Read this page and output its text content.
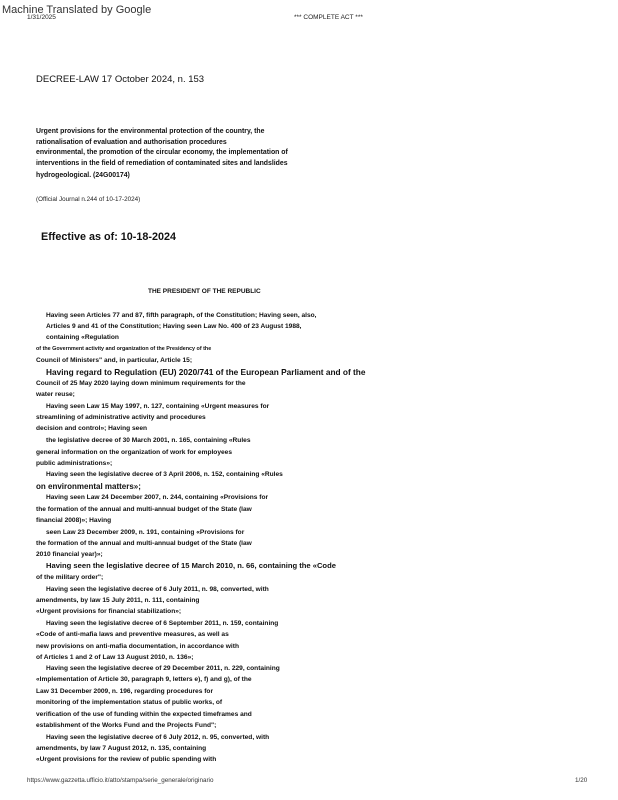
Machine Translated by Google
1/31/2025	*** COMPLETE ACT ***
DECREE-LAW 17 October 2024, n. 153
Urgent provisions for the environmental protection of the country, the
rationalisation of evaluation and authorisation procedures
environmental, the promotion of the circular economy, the implementation of
interventions in the field of remediation of contaminated sites and landslides
hydrogeological. (24G00174)
(Official Journal n.244 of 10-17-2024)
Effective as of: 10-18-2024
THE PRESIDENT OF THE REPUBLIC
Having seen Articles 77 and 87, fifth paragraph, of the Constitution; Having seen, also,
Articles 9 and 41 of the Constitution; Having seen Law No. 400 of 23 August 1988,
containing «Regulation
of the Government activity and organization of the Presidency of the
Council of Ministers" and, in particular, Article 15;
Having regard to Regulation (EU) 2020/741 of the European Parliament and of the
Council of 25 May 2020 laying down minimum requirements for the
water reuse;
Having seen Law 15 May 1997, n. 127, containing «Urgent measures for
streamlining of administrative activity and procedures
decision and control»; Having seen
the legislative decree of 30 March 2001, n. 165, containing «Rules
general information on the organization of work for employees
public administrations»;
Having seen the legislative decree of 3 April 2006, n. 152, containing «Rules
on environmental matters»;
Having seen Law 24 December 2007, n. 244, containing «Provisions for
the formation of the annual and multi-annual budget of the State (law
financial 2008)»; Having
seen Law 23 December 2009, n. 191, containing «Provisions for
the formation of the annual and multi-annual budget of the State (law
2010 financial year)»;
Having seen the legislative decree of 15 March 2010, n. 66, containing the «Code
of the military order";
Having seen the legislative decree of 6 July 2011, n. 98, converted, with
amendments, by law 15 July 2011, n. 111, containing
«Urgent provisions for financial stabilization»;
Having seen the legislative decree of 6 September 2011, n. 159, containing
«Code of anti-mafia laws and preventive measures, as well as
new provisions on anti-mafia documentation, in accordance with
of Articles 1 and 2 of Law 13 August 2010, n. 136»;
Having seen the legislative decree of 29 December 2011, n. 229, containing
«Implementation of Article 30, paragraph 9, letters e), f) and g), of the
Law 31 December 2009, n. 196, regarding procedures for
monitoring of the implementation status of public works, of
verification of the use of funding within the expected timeframes and
establishment of the Works Fund and the Projects Fund";
Having seen the legislative decree of 6 July 2012, n. 95, converted, with
amendments, by law 7 August 2012, n. 135, containing
«Urgent provisions for the review of public spending with
https://www.gazzetta.ufficio.it/atto/stampa/serie_generale/originario	1/20
